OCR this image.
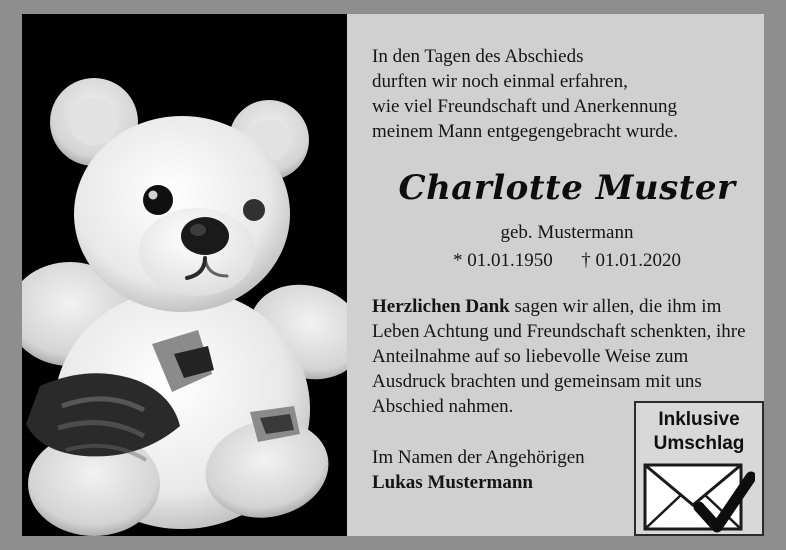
In den Tagen des Abschieds
durften wir noch einmal erfahren,
wie viel Freundschaft und Anerkennung
meinem Mann entgegengebracht wurde.
Charlotte Muster
geb. Mustermann
* 01.01.1950      † 01.01.2020
Herzlichen Dank sagen wir allen, die ihm im Leben Achtung und Freundschaft schenkten, ihre Anteilnahme auf so liebevolle Weise zum Ausdruck brachten und gemeinsam mit uns Abschied nahmen.
Im Namen der Angehörigen
Lukas Mustermann
Inklusive
Umschlag
